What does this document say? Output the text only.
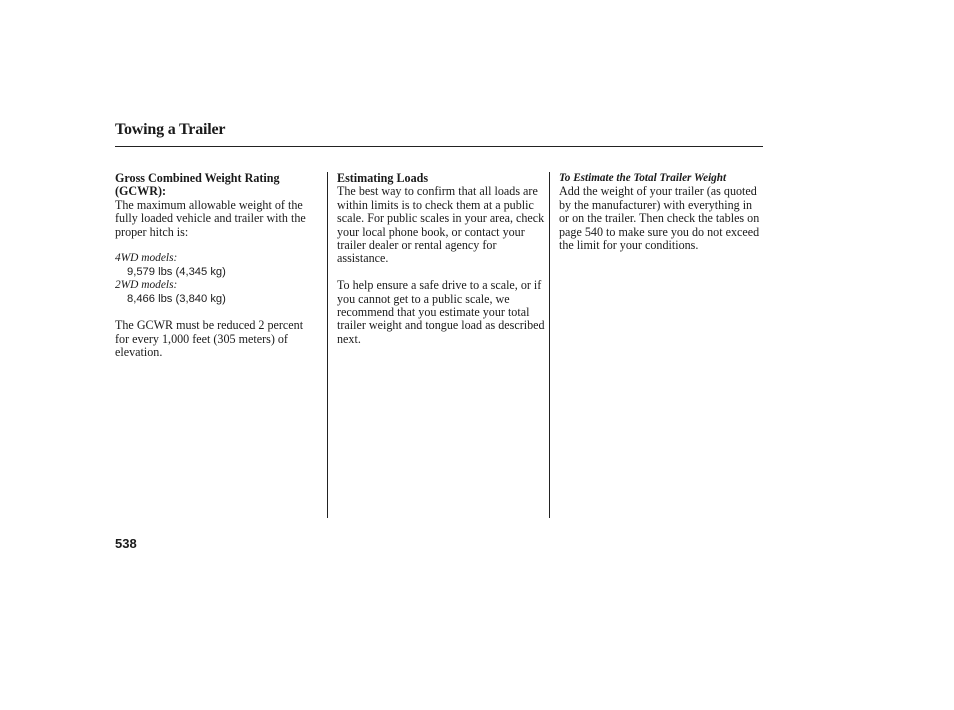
Towing a Trailer

Gross Combined Weight Rating (GCWR):

The maximum allowable weight of the fully loaded vehicle and trailer with the proper hitch is:

4WD models:

9,579 lbs (4,345 kg)

2WD models:

8,466 lbs (3,840 kg)

The GCWR must be reduced 2 percent for every 1,000 feet (305 meters) of elevation.

Estimating Loads

The best way to confirm that all loads are within limits is to check them at a public scale. For public scales in your area, check your local phone book, or contact your trailer dealer or rental agency for assistance.

To help ensure a safe drive to a scale, or if you cannot get to a public scale, we recommend that you estimate your total trailer weight and tongue load as described next.

To Estimate the Total Trailer Weight

Add the weight of your trailer (as quoted by the manufacturer) with everything in or on the trailer. Then check the tables on page 540 to make sure you do not exceed the limit for your conditions.

538
